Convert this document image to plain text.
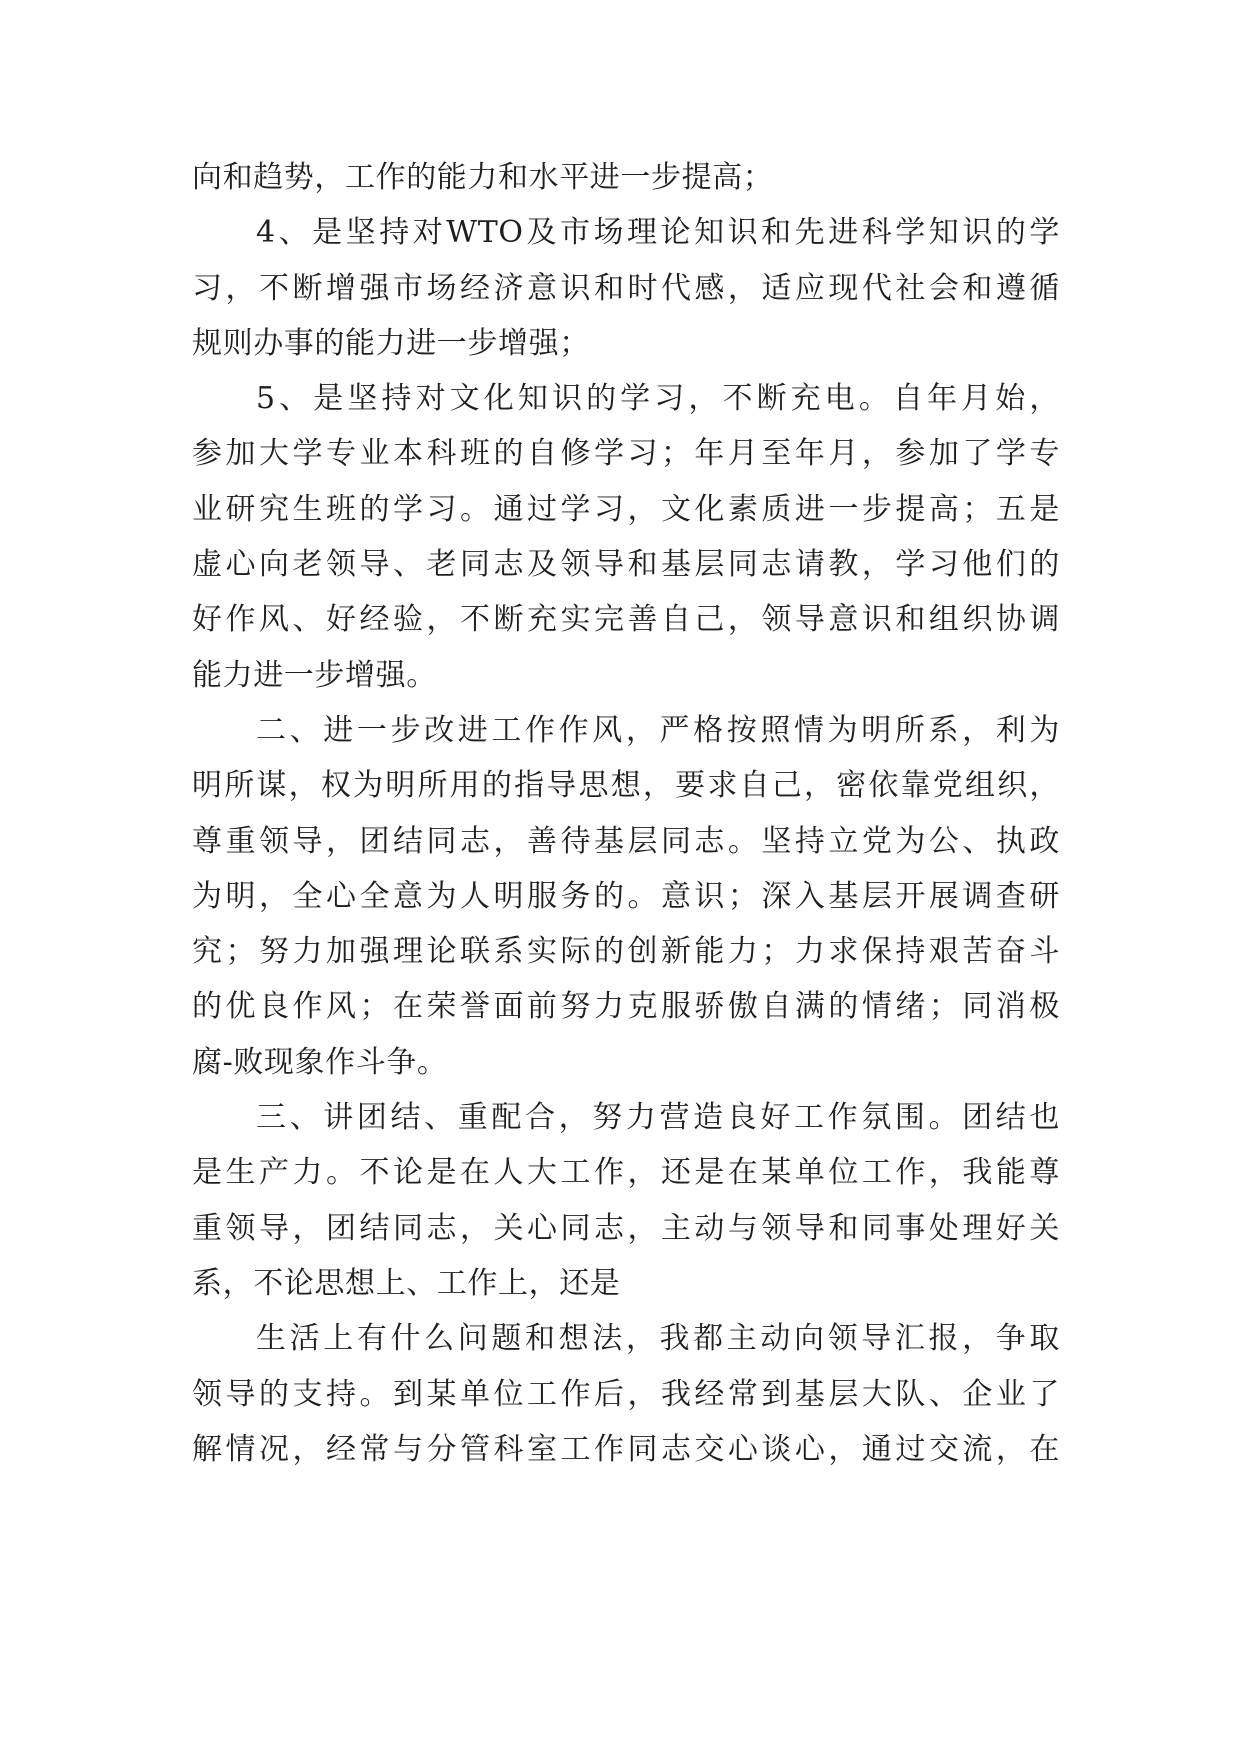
向和趋势，工作的能力和水平进一步提高；
4、是坚持对WTO及市场理论知识和先进科学知识的学
习，不断增强市场经济意识和时代感，适应现代社会和遵循
规则办事的能力进一步增强；
5、是坚持对文化知识的学习，不断充电。自年月始，
参加大学专业本科班的自修学习；年月至年月，参加了学专
业研究生班的学习。通过学习，文化素质进一步提高；五是
虚心向老领导、老同志及领导和基层同志请教，学习他们的
好作风、好经验，不断充实完善自己，领导意识和组织协调
能力进一步增强。
二、进一步改进工作作风，严格按照情为明所系，利为
明所谋，权为明所用的指导思想，要求自己，密依靠党组织，
尊重领导，团结同志，善待基层同志。坚持立党为公、执政
为明，全心全意为人明服务的。意识；深入基层开展调查研
究；努力加强理论联系实际的创新能力；力求保持艰苦奋斗
的优良作风；在荣誉面前努力克服骄傲自满的情绪；同消极
腐-败现象作斗争。
三、讲团结、重配合，努力营造良好工作氛围。团结也
是生产力。不论是在人大工作，还是在某单位工作，我能尊
重领导，团结同志，关心同志，主动与领导和同事处理好关
系，不论思想上、工作上，还是
生活上有什么问题和想法，我都主动向领导汇报，争取
领导的支持。到某单位工作后，我经常到基层大队、企业了
解情况，经常与分管科室工作同志交心谈心，通过交流，在
